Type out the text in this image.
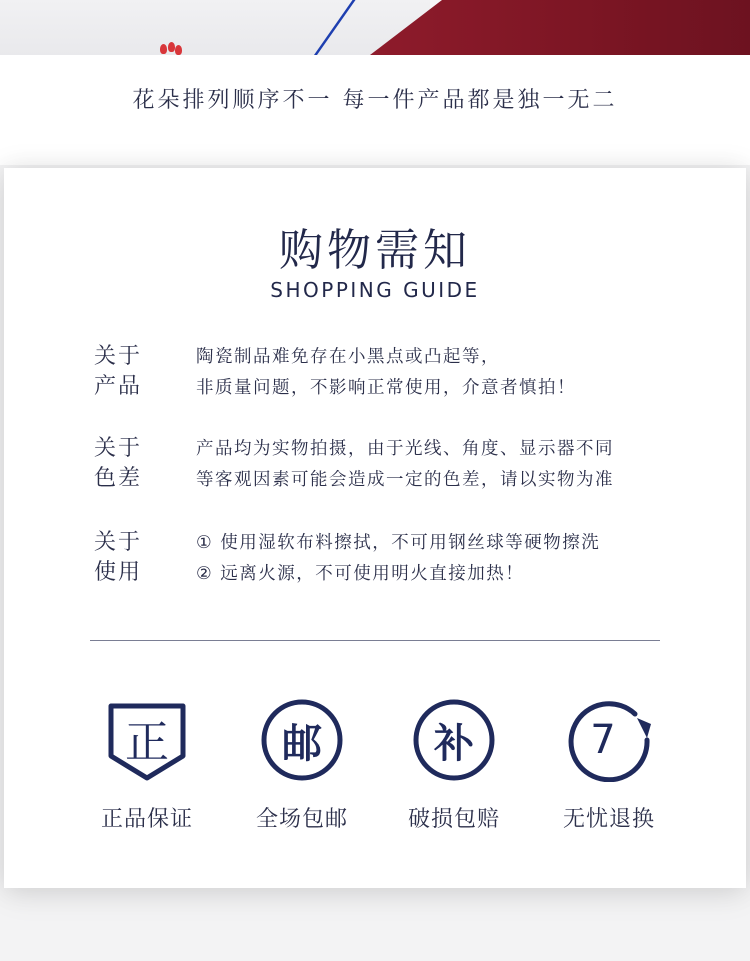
花朵排列顺序不一 每一件产品都是独一无二
购物需知
SHOPPING GUIDE
关于
产品
陶瓷制品难免存在小黑点或凸起等，
非质量问题，不影响正常使用，介意者慎拍！
关于
色差
产品均为实物拍摄，由于光线、角度、显示器不同
等客观因素可能会造成一定的色差，请以实物为准
关于
使用
① 使用湿软布料擦拭，不可用钢丝球等硬物擦洗
② 远离火源，不可使用明火直接加热！
正
正品保证
邮
全场包邮
补
破损包赔
7
无忧退换
